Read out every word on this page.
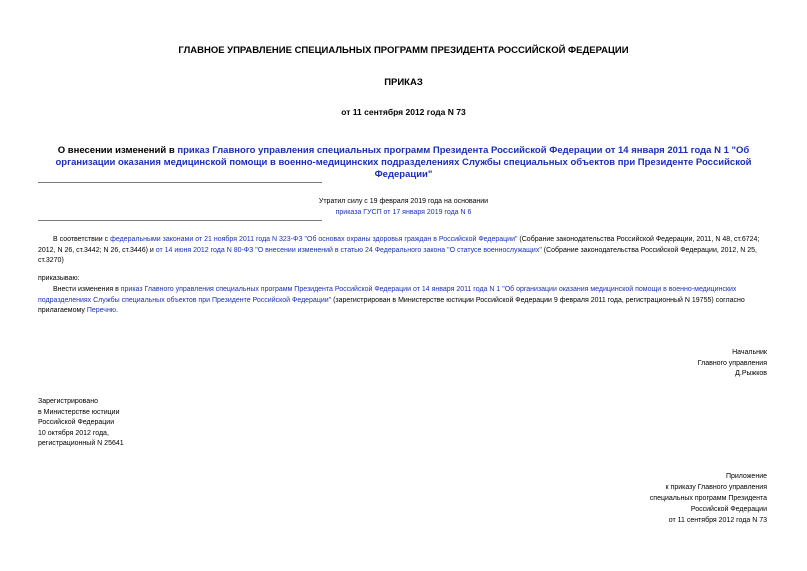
ГЛАВНОЕ УПРАВЛЕНИЕ СПЕЦИАЛЬНЫХ ПРОГРАММ ПРЕЗИДЕНТА РОССИЙСКОЙ ФЕДЕРАЦИИ
ПРИКАЗ
от 11 сентября 2012 года N 73
О внесении изменений в приказ Главного управления специальных программ Президента Российской Федерации от 14 января 2011 года N 1 "Об организации оказания медицинской помощи в военно-медицинских подразделениях Службы специальных объектов при Президенте Российской Федерации"
Утратил силу с 19 февраля 2019 года на основании
приказа ГУСП от 17 января 2019 года N 6
В соответствии с федеральными законами от 21 ноября 2011 года N 323-ФЗ "Об основах охраны здоровья граждан в Российской Федерации" (Собрание законодательства Российской Федерации, 2011, N 48, ст.6724; 2012, N 26, ст.3442; N 26, ст.3446) и от 14 июня 2012 года N 80-ФЗ "О внесении изменений в статью 24 Федерального закона "О статусе военнослужащих" (Собрание законодательства Российской Федерации, 2012, N 25, ст.3270)
приказываю:
Внести изменения в приказ Главного управления специальных программ Президента Российской Федерации от 14 января 2011 года N 1 "Об организации оказания медицинской помощи в военно-медицинских подразделениях Службы специальных объектов при Президенте Российской Федерации" (зарегистрирован в Министерстве юстиции Российской Федерации 9 февраля 2011 года, регистрационный N 19755) согласно прилагаемому Перечню.
Начальник
Главного управления
Д.Рыжков
Зарегистрировано
в Министерстве юстиции
Российской Федерации
10 октября 2012 года,
регистрационный N 25641
Приложение
к приказу Главного управления
специальных программ Президента
Российской Федерации
от 11 сентября 2012 года N 73
